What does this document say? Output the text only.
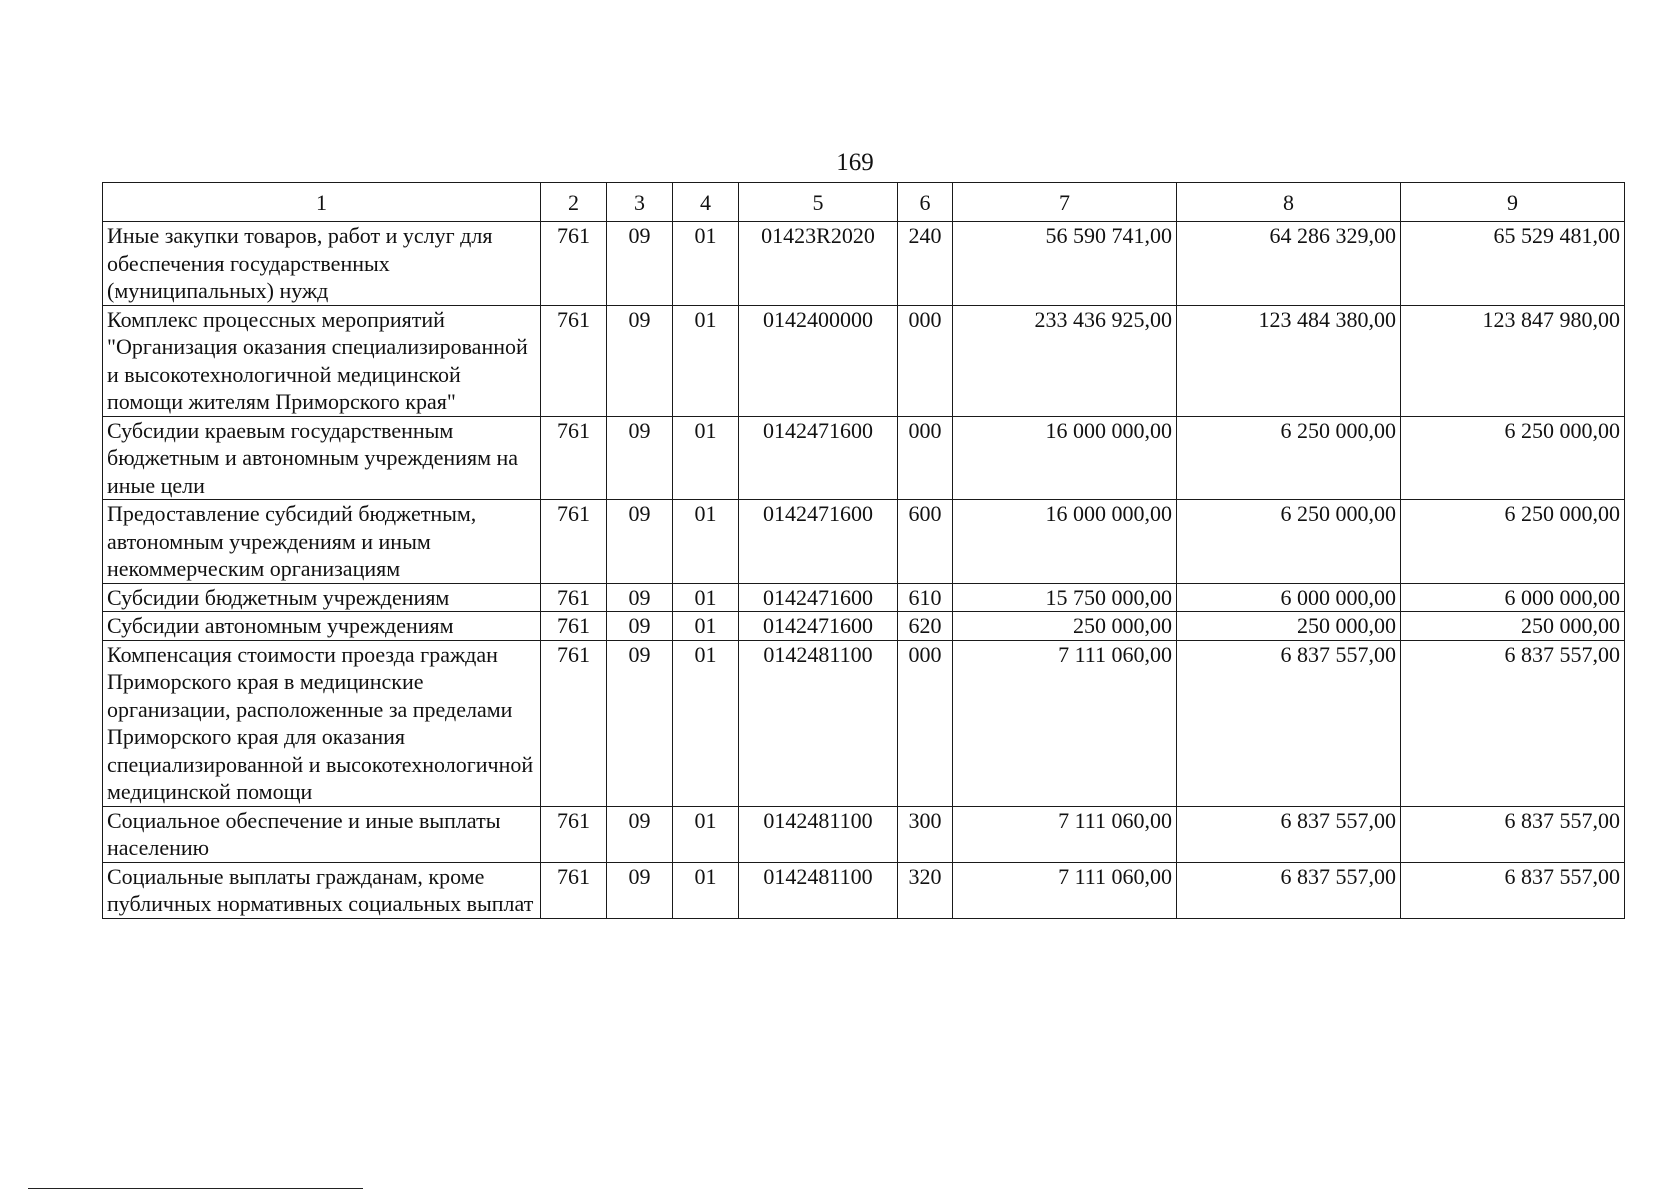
169
1	2	3	4	5	6	7	8	9
Иные закупки товаров, работ и услуг для обеспечения государственных (муниципальных) нужд	761	09	01	01423R2020	240	56 590 741,00	64 286 329,00	65 529 481,00
Комплекс процессных мероприятий "Организация оказания специализированной и высокотехнологичной медицинской помощи жителям Приморского края"	761	09	01	0142400000	000	233 436 925,00	123 484 380,00	123 847 980,00
Субсидии краевым государственным бюджетным и автономным учреждениям на иные цели	761	09	01	0142471600	000	16 000 000,00	6 250 000,00	6 250 000,00
Предоставление субсидий бюджетным, автономным учреждениям и иным некоммерческим организациям	761	09	01	0142471600	600	16 000 000,00	6 250 000,00	6 250 000,00
Субсидии бюджетным учреждениям	761	09	01	0142471600	610	15 750 000,00	6 000 000,00	6 000 000,00
Субсидии автономным учреждениям	761	09	01	0142471600	620	250 000,00	250 000,00	250 000,00
Компенсация стоимости проезда граждан Приморского края в медицинские организации, расположенные за пределами Приморского края для оказания специализированной и высокотехнологичной медицинской помощи	761	09	01	0142481100	000	7 111 060,00	6 837 557,00	6 837 557,00
Социальное обеспечение и иные выплаты населению	761	09	01	0142481100	300	7 111 060,00	6 837 557,00	6 837 557,00
Социальные выплаты гражданам, кроме публичных нормативных социальных выплат	761	09	01	0142481100	320	7 111 060,00	6 837 557,00	6 837 557,00
